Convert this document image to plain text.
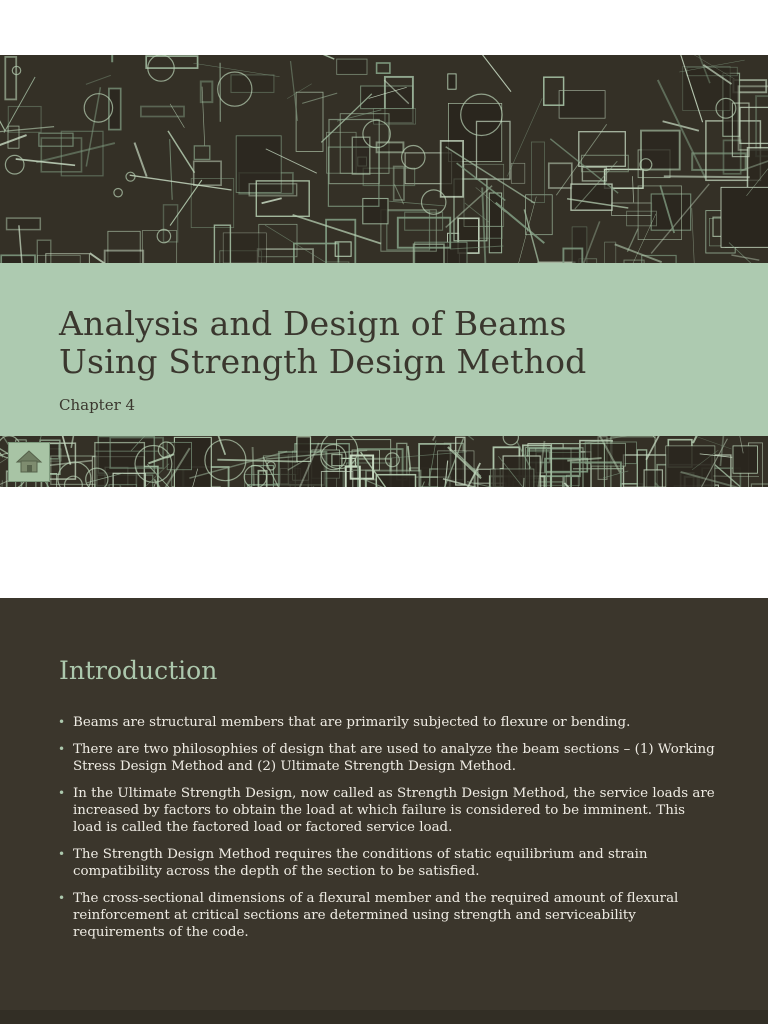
Analysis and Design of Beams
Using Strength Design Method

Chapter 4

Introduction
• Beams are structural members that are primarily subjected to flexure or bending.
• There are two philosophies of design that are used to analyze the beam sections – (1) Working Stress Design Method and (2) Ultimate Strength Design Method.
• In the Ultimate Strength Design, now called as Strength Design Method, the service loads are increased by factors to obtain the load at which failure is considered to be imminent. This load is called the factored load or factored service load.
• The Strength Design Method requires the conditions of static equilibrium and strain compatibility across the depth of the section to be satisfied.
• The cross-sectional dimensions of a flexural member and the required amount of flexural reinforcement at critical sections are determined using strength and serviceability requirements of the code.
